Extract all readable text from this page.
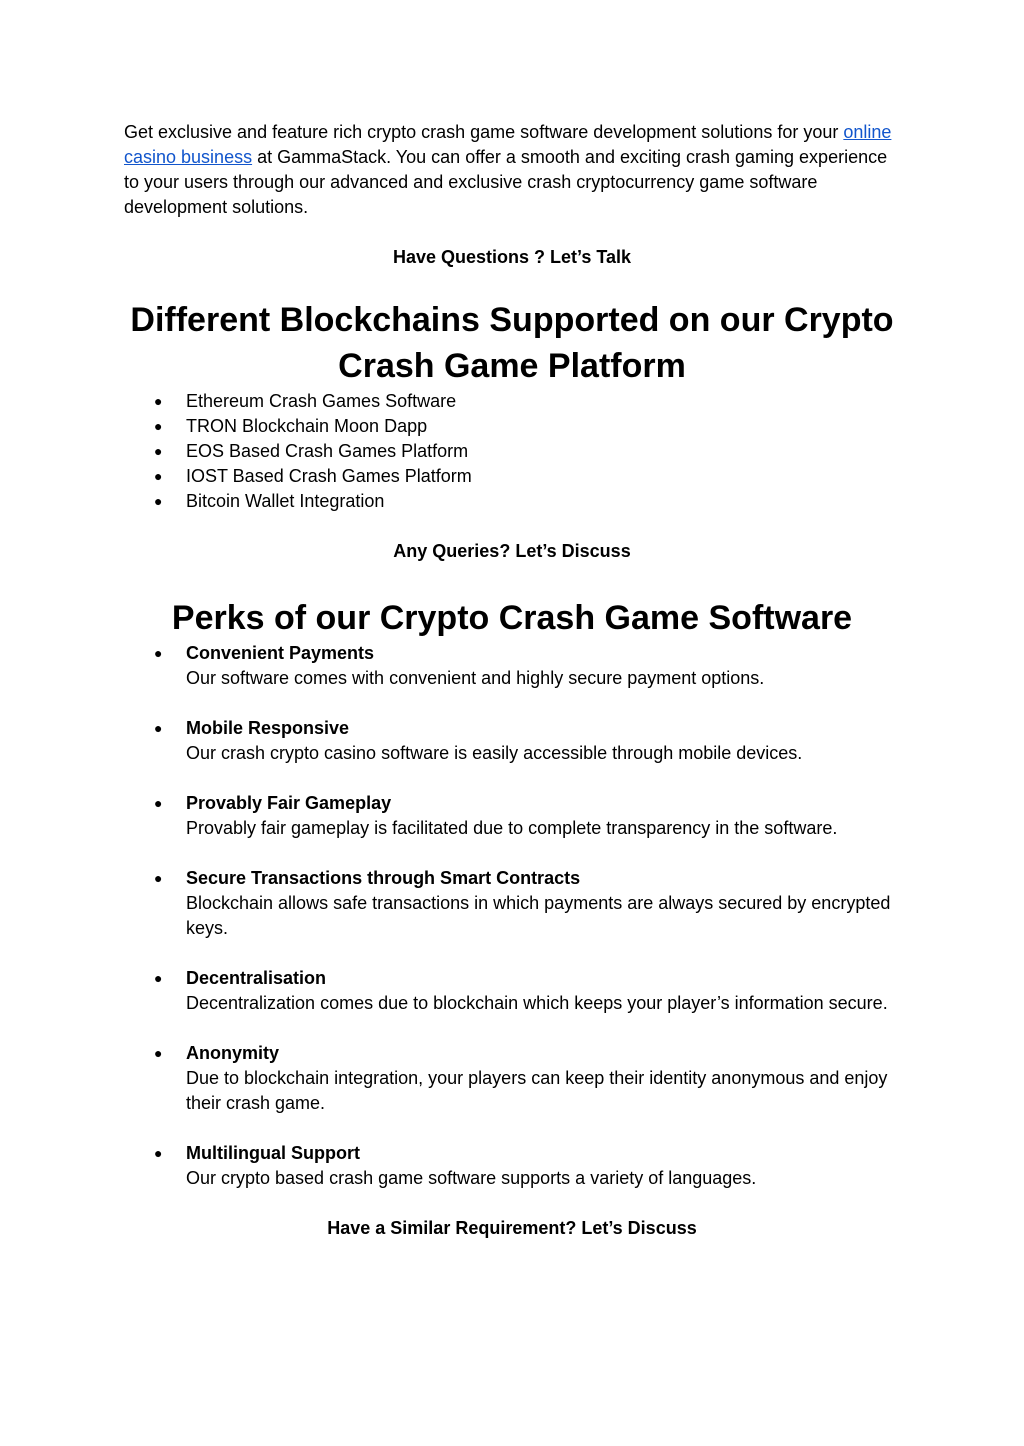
Get exclusive and feature rich crypto crash game software development solutions for your online casino business at GammaStack. You can offer a smooth and exciting crash gaming experience to your users through our advanced and exclusive crash cryptocurrency game software development solutions.

Have Questions ? Let’s Talk

Different Blockchains Supported on our Crypto Crash Game Platform
● Ethereum Crash Games Software
● TRON Blockchain Moon Dapp
● EOS Based Crash Games Platform
● IOST Based Crash Games Platform
● Bitcoin Wallet Integration

Any Queries? Let’s Discuss

Perks of our Crypto Crash Game Software
● Convenient Payments
Our software comes with convenient and highly secure payment options.
● Mobile Responsive
Our crash crypto casino software is easily accessible through mobile devices.
● Provably Fair Gameplay
Provably fair gameplay is facilitated due to complete transparency in the software.
● Secure Transactions through Smart Contracts
Blockchain allows safe transactions in which payments are always secured by encrypted keys.
● Decentralisation
Decentralization comes due to blockchain which keeps your player’s information secure.
● Anonymity
Due to blockchain integration, your players can keep their identity anonymous and enjoy their crash game.
● Multilingual Support
Our crypto based crash game software supports a variety of languages.

Have a Similar Requirement? Let’s Discuss
